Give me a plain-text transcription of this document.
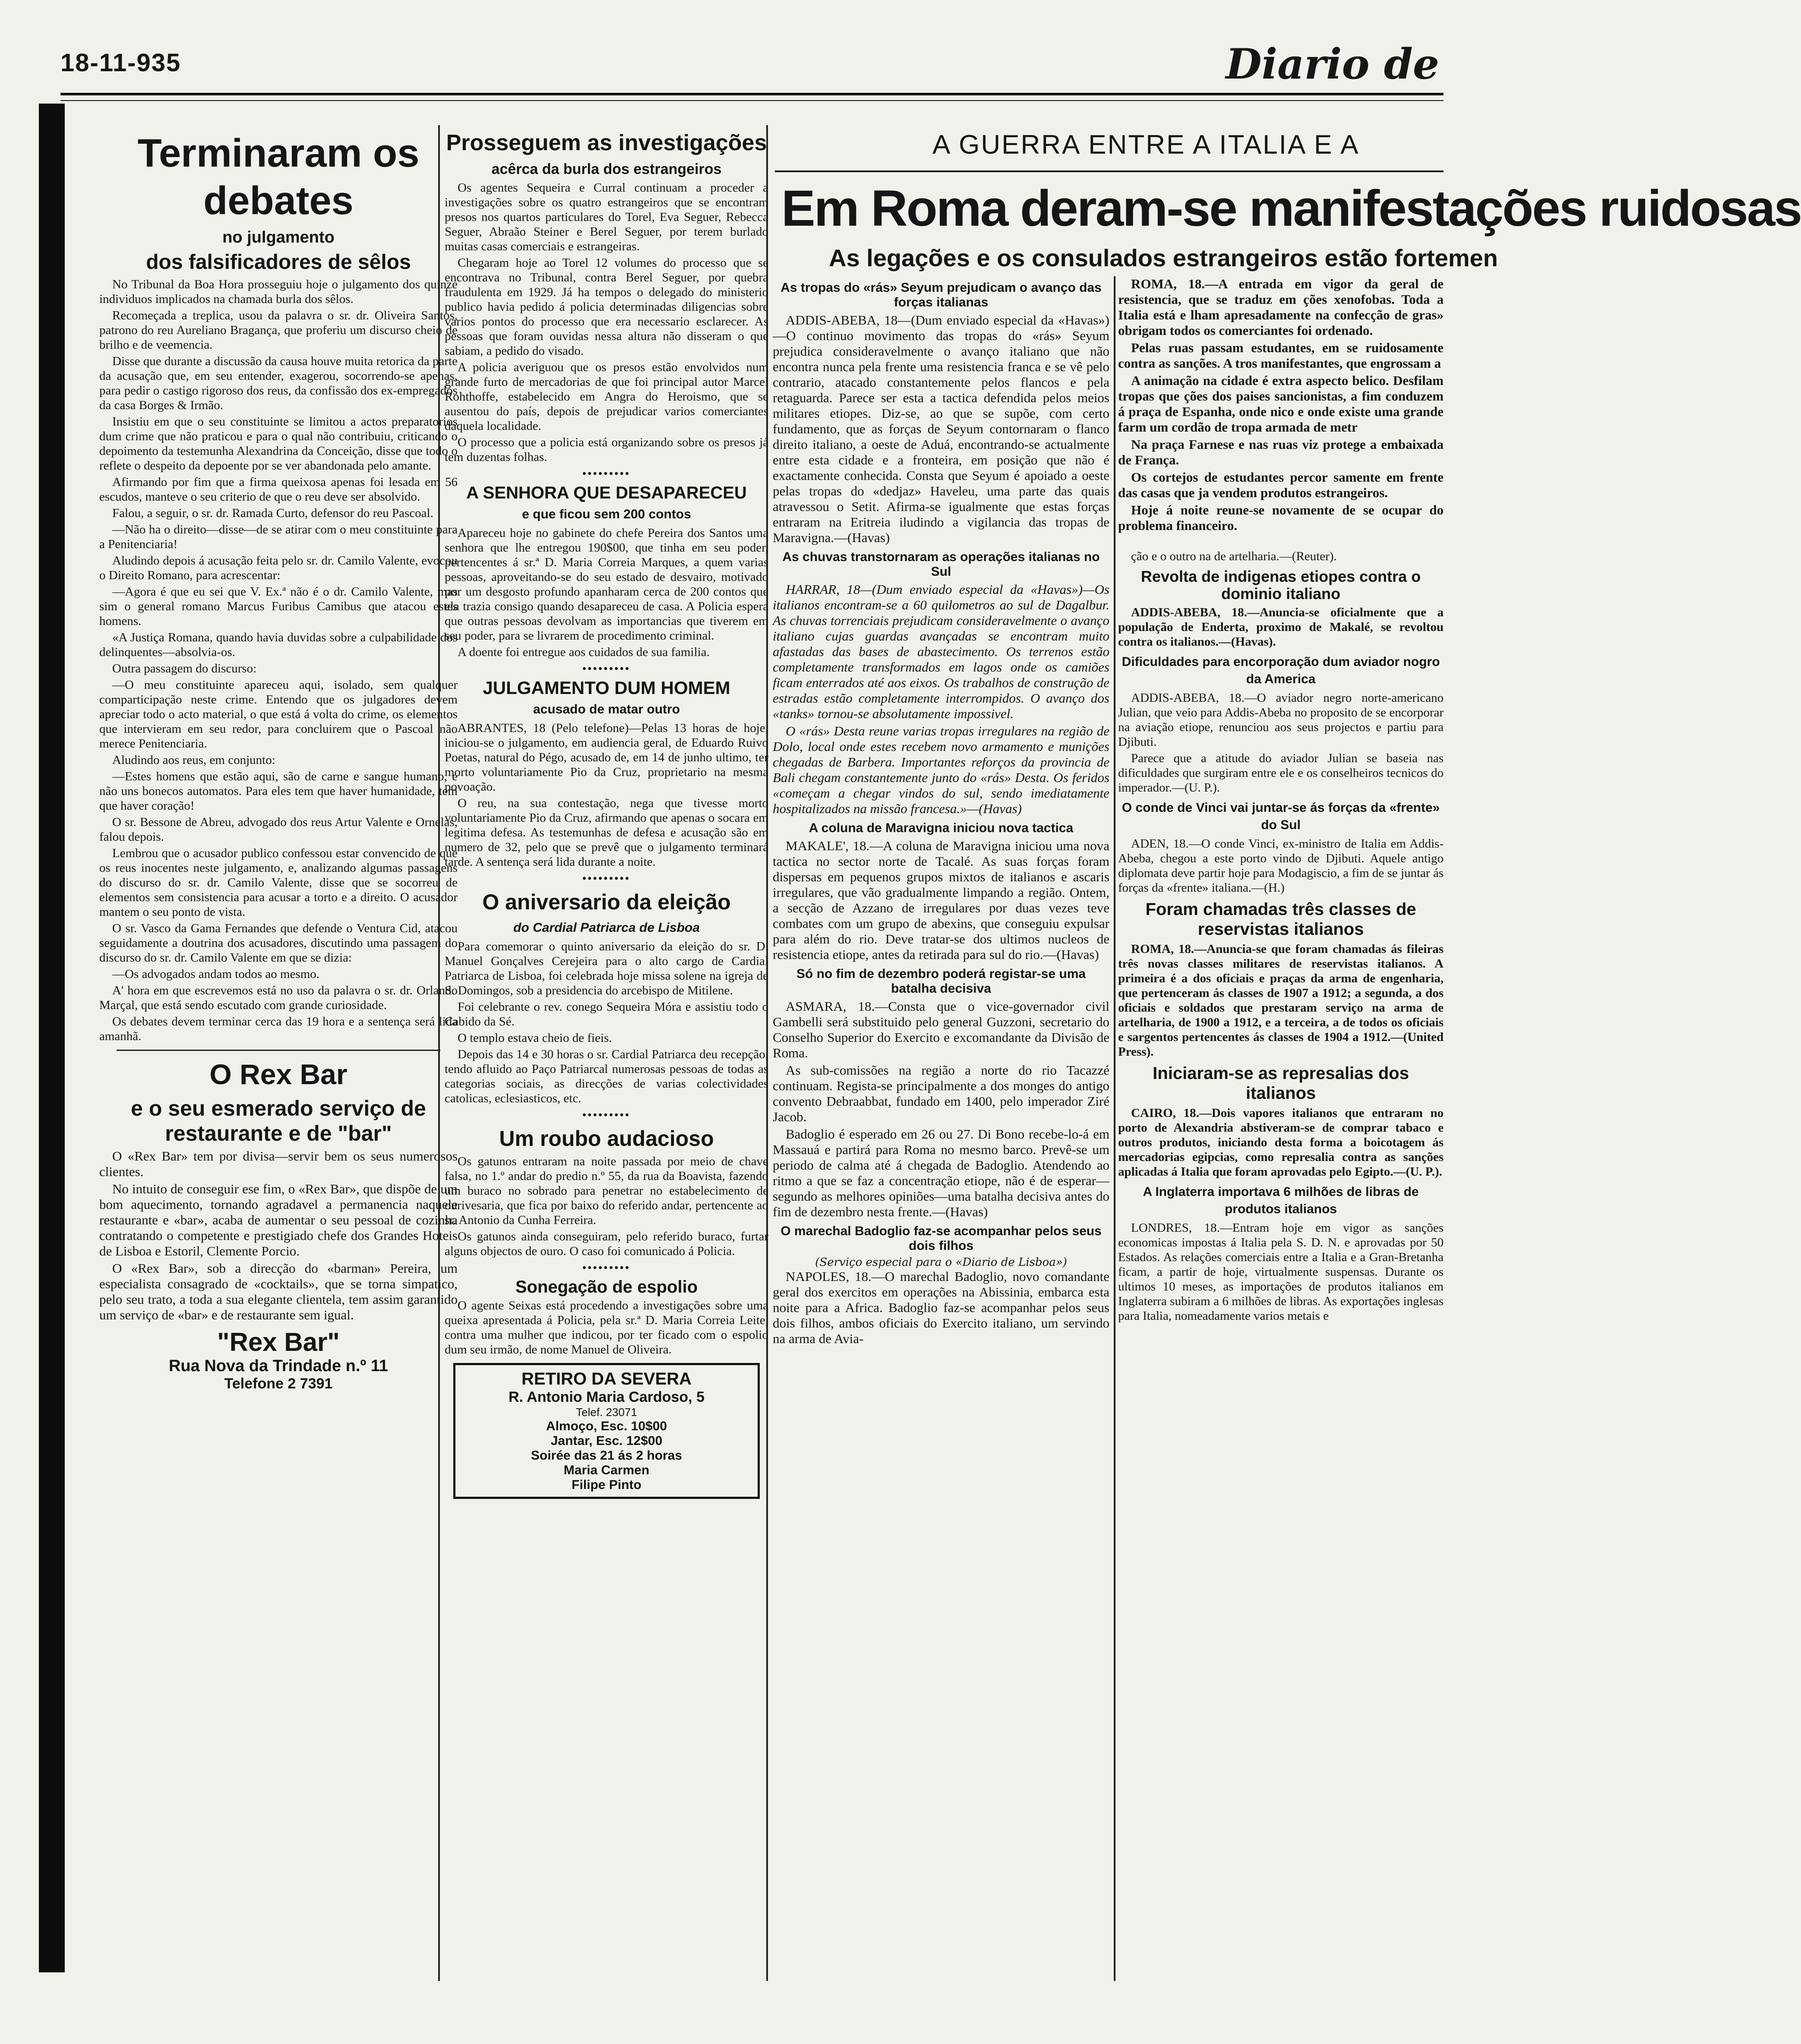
18-11-935	Diario de
Terminaram os debates
no julgamento
dos falsificadores de sêlos

No Tribunal da Boa Hora prosseguiu hoje o julgamento dos quinze individuos implicados na chamada burla dos sêlos.

Recomeçada a treplica, usou da palavra o sr. dr. Oliveira Santos, patrono do reu Aureliano Bragança, que proferiu um discurso cheio de brilho e de veemencia.

Disse que durante a discussão da causa houve muita retorica da parte da acusação que, em seu entender, exagerou, socorrendo-se apenas, para pedir o castigo rigoroso dos reus, da confissão dos ex-empregados da casa Borges & Irmão.

Insistiu em que o seu constituinte se limitou a actos preparatorios dum crime que não praticou e para o qual não contribuiu, criticando o depoimento da testemunha Alexandrina da Conceição, disse que todo o reflete o despeito da depoente por se ver abandonada pelo amante.

Afirmando por fim que a firma queixosa apenas foi lesada em 56 escudos, manteve o seu criterio de que o reu deve ser absolvido.

Falou, a seguir, o sr. dr. Ramada Curto, defensor do reu Pascoal.

—Não ha o direito—disse—de se atirar com o meu constituinte para a Penitenciaria!

Aludindo depois á acusação feita pelo sr. dr. Camilo Valente, evocou o Direito Romano, para acrescentar:

—Agora é que eu sei que V. Ex.ª não é o dr. Camilo Valente, mas sim o general romano Marcus Furibus Camibus que atacou estes homens.

«A Justiça Romana, quando havia duvidas sobre a culpabilidade dos delinquentes—absolvia-os.

Outra passagem do discurso:

—O meu constituinte apareceu aqui, isolado, sem qualquer comparticipação neste crime. Entendo que os julgadores devem apreciar todo o acto material, o que está á volta do crime, os elementos que intervieram em seu redor, para concluirem que o Pascoal não merece Penitenciaria.

Aludindo aos reus, em conjunto:

—Estes homens que estão aqui, são de carne e sangue humano, e não uns bonecos automatos. Para eles tem que haver humanidade, tem que haver coração!

O sr. Bessone de Abreu, advogado dos reus Artur Valente e Ornelas, falou depois.

Lembrou que o acusador publico confessou estar convencido de que os reus inocentes neste julgamento, e, analizando algumas passagens do discurso do sr. dr. Camilo Valente, disse que se socorreu de elementos sem consistencia para acusar a torto e a direito. O acusador mantem o seu ponto de vista.

O sr. Vasco da Gama Fernandes que defende o Ventura Cid, atacou seguidamente a doutrina dos acusadores, discutindo uma passagem do discurso do sr. dr. Camilo Valente em que se dizia:

—Os advogados andam todos ao mesmo.

A' hora em que escrevemos está no uso da palavra o sr. dr. Orlando Marçal, que está sendo escutado com grande curiosidade.

Os debates devem terminar cerca das 19 hora e a sentença será lida amanhã.

O Rex Bar
e o seu esmerado serviço de restaurante e de "bar"

O «Rex Bar» tem por divisa—servir bem os seus numerosos clientes.

No intuito de conseguir ese fim, o «Rex Bar», que dispõe de um bom aquecimento, tornando agradavel a permanencia naquele restaurante e «bar», acaba de aumentar o seu pessoal de cozinha contratando o competente e prestigiado chefe dos Grandes Hoteis de Lisboa e Estoril, Clemente Porcio.

O «Rex Bar», sob a direcção do «barman» Pereira, um especialista consagrado de «cocktails», que se torna simpatico, pelo seu trato, a toda a sua elegante clientela, tem assim garantido um serviço de «bar» e de restaurante sem igual.

"Rex Bar"
Rua Nova da Trindade n.º 11
Telefone 2 7391
Prosseguem as investigações
acêrca da burla dos estrangeiros

Os agentes Sequeira e Curral continuam a proceder a investigações sobre os quatro estrangeiros que se encontram presos nos quartos particulares do Torel, Eva Seguer, Rebecca Seguer, Abraão Steiner e Berel Seguer, por terem burlado muitas casas comerciais e estrangeiras.

Chegaram hoje ao Torel 12 volumes do processo que se encontrava no Tribunal, contra Berel Seguer, por quebra fraudulenta em 1929. Já ha tempos o delegado do ministerio publico havia pedido á policia determinadas diligencias sobre varios pontos do processo que era necessario esclarecer. As pessoas que foram ouvidas nessa altura não disseram o que sabiam, a pedido do visado.

A policia averiguou que os presos estão envolvidos num grande furto de mercadorias de que foi principal autor Marcel Rohthoffe, estabelecido em Angra do Heroismo, que se ausentou do país, depois de prejudicar varios comerciantes daquela localidade.

O processo que a policia está organizando sobre os presos já tem duzentas folhas.

•••••••••
A SENHORA QUE DESAPARECEU
e que ficou sem 200 contos

Apareceu hoje no gabinete do chefe Pereira dos Santos uma senhora que lhe entregou 190$00, que tinha em seu poder, pertencentes á sr.ª D. Maria Correia Marques, a quem varias pessoas, aproveitando-se do seu estado de desvairo, motivado por um desgosto profundo apanharam cerca de 200 contos que ela trazia consigo quando desapareceu de casa. A Policia espera que outras pessoas devolvam as importancias que tiverem em seu poder, para se livrarem de procedimento criminal.

A doente foi entregue aos cuidados de sua familia.

•••••••••
JULGAMENTO DUM HOMEM
acusado de matar outro

ABRANTES, 18 (Pelo telefone)—Pelas 13 horas de hoje, iniciou-se o julgamento, em audiencia geral, de Eduardo Ruivo Poetas, natural do Pégo, acusado de, em 14 de junho ultimo, ter morto voluntariamente Pio da Cruz, proprietario na mesma povoação.

O reu, na sua contestação, nega que tivesse morto voluntariamente Pio da Cruz, afirmando que apenas o socara em legitima defesa. As testemunhas de defesa e acusação são em numero de 32, pelo que se prevê que o julgamento terminará tarde. A sentença será lida durante a noite.

•••••••••
O aniversario da eleição
do Cardial Patriarca de Lisboa

Para comemorar o quinto aniversario da eleição do sr. D. Manuel Gonçalves Cerejeira para o alto cargo de Cardial Patriarca de Lisboa, foi celebrada hoje missa solene na igreja de S. Domingos, sob a presidencia do arcebispo de Mitilene.

Foi celebrante o rev. conego Sequeira Móra e assistiu todo o Cabido da Sé.

O templo estava cheio de fieis.

Depois das 14 e 30 horas o sr. Cardial Patriarca deu recepção, tendo afluido ao Paço Patriarcal numerosas pessoas de todas as categorias sociais, as direcções de varias colectividades catolicas, eclesiasticos, etc.

•••••••••
Um roubo audacioso

Os gatunos entraram na noite passada por meio de chave falsa, no 1.º andar do predio n.º 55, da rua da Boavista, fazendo um buraco no sobrado para penetrar no estabelecimento de ourivesaria, que fica por baixo do referido andar, pertencente ao sr. Antonio da Cunha Ferreira.

Os gatunos ainda conseguiram, pelo referido buraco, furtar alguns objectos de ouro. O caso foi comunicado á Policia.

•••••••••
Sonegação de espolio

O agente Seixas está procedendo a investigações sobre uma queixa apresentada á Policia, pela sr.ª D. Maria Correia Leite, contra uma mulher que indicou, por ter ficado com o espolio dum seu irmão, de nome Manuel de Oliveira.

RETIRO DA SEVERA
R. Antonio Maria Cardoso, 5
Telef. 23071
Almoço, Esc. 10$00
Jantar, Esc. 12$00
Soirée das 21 ás 2 horas
Maria Carmen
Filipe Pinto
A GUERRA ENTRE A ITALIA E A
Em Roma deram-se manifestações ruidosas
As legações e os consulados estrangeiros estão fortemen
As tropas do «rás» Seyum prejudicam o avanço das forças italianas

ADDIS-ABEBA, 18—(Dum enviado especial da «Havas»)—O continuo movimento das tropas do «rás» Seyum prejudica consideravelmente o avanço italiano que não encontra nunca pela frente uma resistencia franca e se vê pelo contrario, atacado constantemente pelos flancos e pela retaguarda. Parece ser esta a tactica defendida pelos meios militares etiopes. Diz-se, ao que se supõe, com certo fundamento, que as forças de Seyum contornaram o flanco direito italiano, a oeste de Aduá, encontrando-se actualmente entre esta cidade e a fronteira, em posição que não é exactamente conhecida. Consta que Seyum é apoiado a oeste pelas tropas do «dedjaz» Haveleu, uma parte das quais atravessou o Setit. Afirma-se igualmente que estas forças entraram na Eritreia iludindo a vigilancia das tropas de Maravigna.—(Havas)

As chuvas transtornaram as operações italianas no Sul

HARRAR, 18—(Dum enviado especial da «Havas»)—Os italianos encontram-se a 60 quilometros ao sul de Dagalbur. As chuvas torrenciais prejudicam consideravelmente o avanço italiano cujas guardas avançadas se encontram muito afastadas das bases de abastecimento. Os terrenos estão completamente transformados em lagos onde os camiões ficam enterrados até aos eixos. Os trabalhos de construção de estradas estão completamente interrompidos. O avanço dos «tanks» tornou-se absolutamente impossivel.

O «rás» Desta reune varias tropas irregulares na região de Dolo, local onde estes recebem novo armamento e munições chegadas de Barbera. Importantes reforços da provincia de Bali chegam constantemente junto do «rás» Desta. Os feridos «começam a chegar vindos do sul, sendo imediatamente hospitalizados na missão francesa.»—(Havas)

A coluna de Maravigna iniciou nova tactica

MAKALE', 18.—A coluna de Maravigna iniciou uma nova tactica no sector norte de Tacalé. As suas forças foram dispersas em pequenos grupos mixtos de italianos e ascaris irregulares, que vão gradualmente limpando a região. Ontem, a secção de Azzano de irregulares por duas vezes teve combates com um grupo de abexins, que conseguiu expulsar para além do rio. Deve tratar-se dos ultimos nucleos de resistencia etiope, antes da retirada para sul do rio.—(Havas)

Só no fim de dezembro poderá registar-se uma batalha decisiva

ASMARA, 18.—Consta que o vice-governador civil Gambelli será substituido pelo general Guzzoni, secretario do Conselho Superior do Exercito e excomandante da Divisão de Roma.

As sub-comissões na região a norte do rio Tacazzé continuam. Regista-se principalmente a dos monges do antigo convento Debraabbat, fundado em 1400, pelo imperador Ziré Jacob.

Badoglio é esperado em 26 ou 27. Di Bono recebe-lo-á em Massauá e partirá para Roma no mesmo barco. Prevê-se um periodo de calma até á chegada de Badoglio. Atendendo ao ritmo a que se faz a concentração etiope, não é de esperar—segundo as melhores opiniões—uma batalha decisiva antes do fim de dezembro nesta frente.—(Havas)

O marechal Badoglio faz-se acompanhar pelos seus dois filhos
(Serviço especial para o «Diario de Lisboa»)

NAPOLES, 18.—O marechal Badoglio, novo comandante geral dos exercitos em operações na Abissinia, embarca esta noite para a Africa. Badoglio faz-se acompanhar pelos seus dois filhos, ambos oficiais do Exercito italiano, um servindo na arma de Avia-

ROMA, 18.—A entrada em vigor da geral de resistencia, que se traduz em ções xenofobas. Toda a Italia está e lham apresadamente na confecção de gras» obrigam todos os comerciantes foi ordenado.

Pelas ruas passam estudantes, em se ruidosamente contra as sanções. A tros manifestantes, que engrossam a

A animação na cidade é extra aspecto belico. Desfilam tropas que ções dos paises sancionistas, a fim conduzem á praça de Espanha, onde nico e onde existe uma grande farm um cordão de tropa armada de metr

Na praça Farnese e nas ruas viz protege a embaixada de França.

Os cortejos de estudantes percor samente em frente das casas que ja vendem produtos estrangeiros.

Hoje á noite reune-se novamente de se ocupar do problema financeiro.

ção e o outro na de artelharia.—(Reuter).
Revolta de indigenas etiopes contra o dominio italiano

ADDIS-ABEBA, 18.—Anuncia-se oficialmente que a população de Enderta, proximo de Makalé, se revoltou contra os italianos.—(Havas).

Dificuldades para encorporação dum aviador nogro da America

ADDIS-ABEBA, 18.—O aviador negro norte-americano Julian, que veio para Addis-Abeba no proposito de se encorporar na aviação etiope, renunciou aos seus projectos e partiu para Djibuti.

Parece que a atitude do aviador Julian se baseia nas dificuldades que surgiram entre ele e os conselheiros tecnicos do imperador.—(U. P.).

O conde de Vinci vai juntar-se ás forças da «frente» do Sul

ADEN, 18.—O conde Vinci, ex-ministro de Italia em Addis-Abeba, chegou a este porto vindo de Djibuti. Aquele antigo diplomata deve partir hoje para Modagiscio, a fim de se juntar ás forças da «frente» italiana.—(H.)

Foram chamadas três classes de reservistas italianos

ROMA, 18.—Anuncia-se que foram chamadas ás fileiras três novas classes militares de reservistas italianos. A primeira é a dos oficiais e praças da arma de engenharia, que pertenceram ás classes de 1907 a 1912; a segunda, a dos oficiais e soldados que prestaram serviço na arma de artelharia, de 1900 a 1912, e a terceira, a de todos os oficiais e sargentos pertencentes ás classes de 1904 a 1912.—(United Press).

Iniciaram-se as represalias dos italianos

CAIRO, 18.—Dois vapores italianos que entraram no porto de Alexandria abstiveram-se de comprar tabaco e outros produtos, iniciando desta forma a boicotagem ás mercadorias egipcias, como represalia contra as sanções aplicadas á Italia que foram aprovadas pelo Egipto.—(U. P.).

A Inglaterra importava 6 milhões de libras de produtos italianos

LONDRES, 18.—Entram hoje em vigor as sanções economicas impostas á Italia pela S. D. N. e aprovadas por 50 Estados. As relações comerciais entre a Italia e a Gran-Bretanha ficam, a partir de hoje, virtualmente suspensas. Durante os ultimos 10 meses, as importações de produtos italianos em Inglaterra subiram a 6 milhões de libras. As exportações inglesas para Italia, nomeadamente varios metais e
